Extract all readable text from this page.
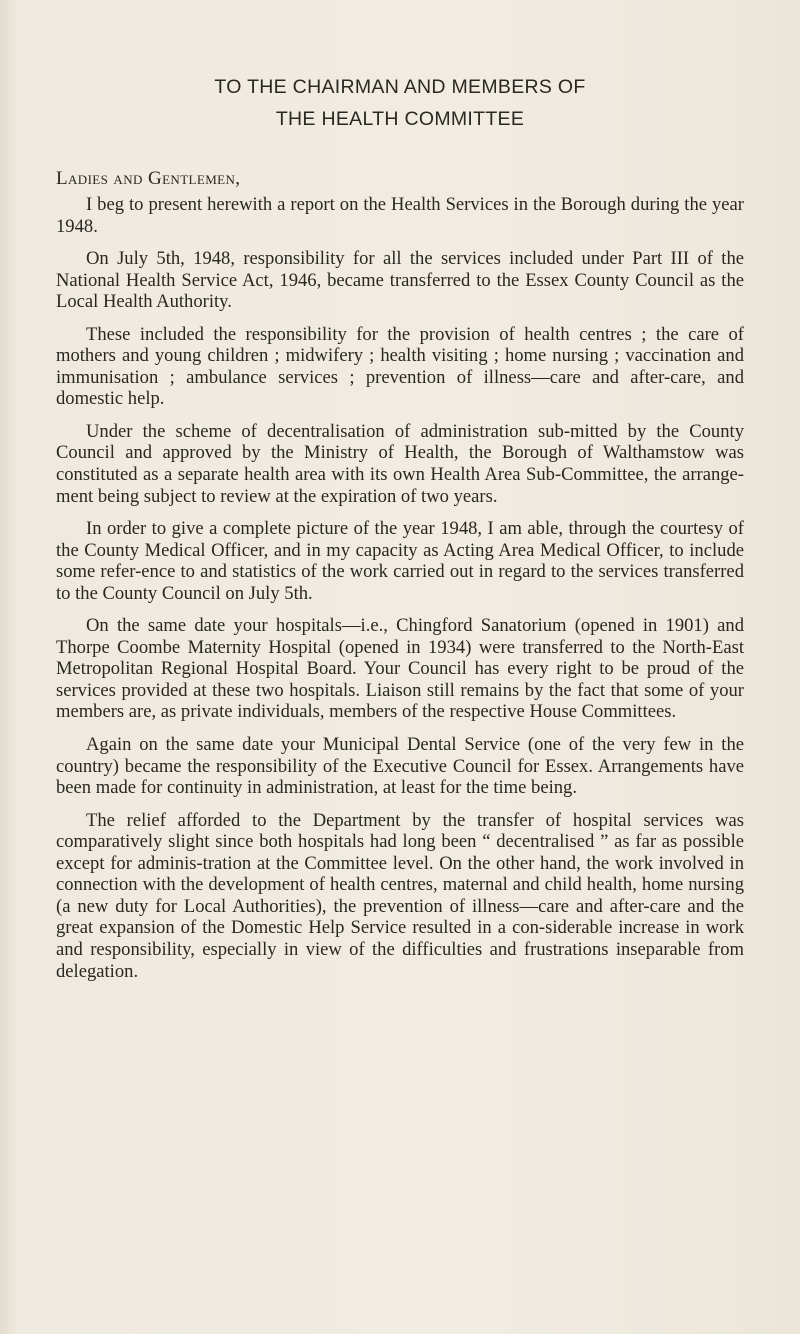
TO THE CHAIRMAN AND MEMBERS OF
THE HEALTH COMMITTEE
Ladies and Gentlemen,

I beg to present herewith a report on the Health Services in the Borough during the year 1948.

On July 5th, 1948, responsibility for all the services included under Part III of the National Health Service Act, 1946, became transferred to the Essex County Council as the Local Health Authority.

These included the responsibility for the provision of health centres ; the care of mothers and young children ; midwifery ; health visiting ; home nursing ; vaccination and immunisation ; ambulance services ; prevention of illness—care and after-care, and domestic help.

Under the scheme of decentralisation of administration sub-mitted by the County Council and approved by the Ministry of Health, the Borough of Walthamstow was constituted as a separate health area with its own Health Area Sub-Committee, the arrange-ment being subject to review at the expiration of two years.

In order to give a complete picture of the year 1948, I am able, through the courtesy of the County Medical Officer, and in my capacity as Acting Area Medical Officer, to include some refer-ence to and statistics of the work carried out in regard to the services transferred to the County Council on July 5th.

On the same date your hospitals—i.e., Chingford Sanatorium (opened in 1901) and Thorpe Coombe Maternity Hospital (opened in 1934) were transferred to the North-East Metropolitan Regional Hospital Board. Your Council has every right to be proud of the services provided at these two hospitals. Liaison still remains by the fact that some of your members are, as private individuals, members of the respective House Committees.

Again on the same date your Municipal Dental Service (one of the very few in the country) became the responsibility of the Executive Council for Essex. Arrangements have been made for continuity in administration, at least for the time being.

The relief afforded to the Department by the transfer of hospital services was comparatively slight since both hospitals had long been “ decentralised ” as far as possible except for adminis-tration at the Committee level. On the other hand, the work involved in connection with the development of health centres, maternal and child health, home nursing (a new duty for Local Authorities), the prevention of illness—care and after-care and the great expansion of the Domestic Help Service resulted in a con-siderable increase in work and responsibility, especially in view of the difficulties and frustrations inseparable from delegation.
